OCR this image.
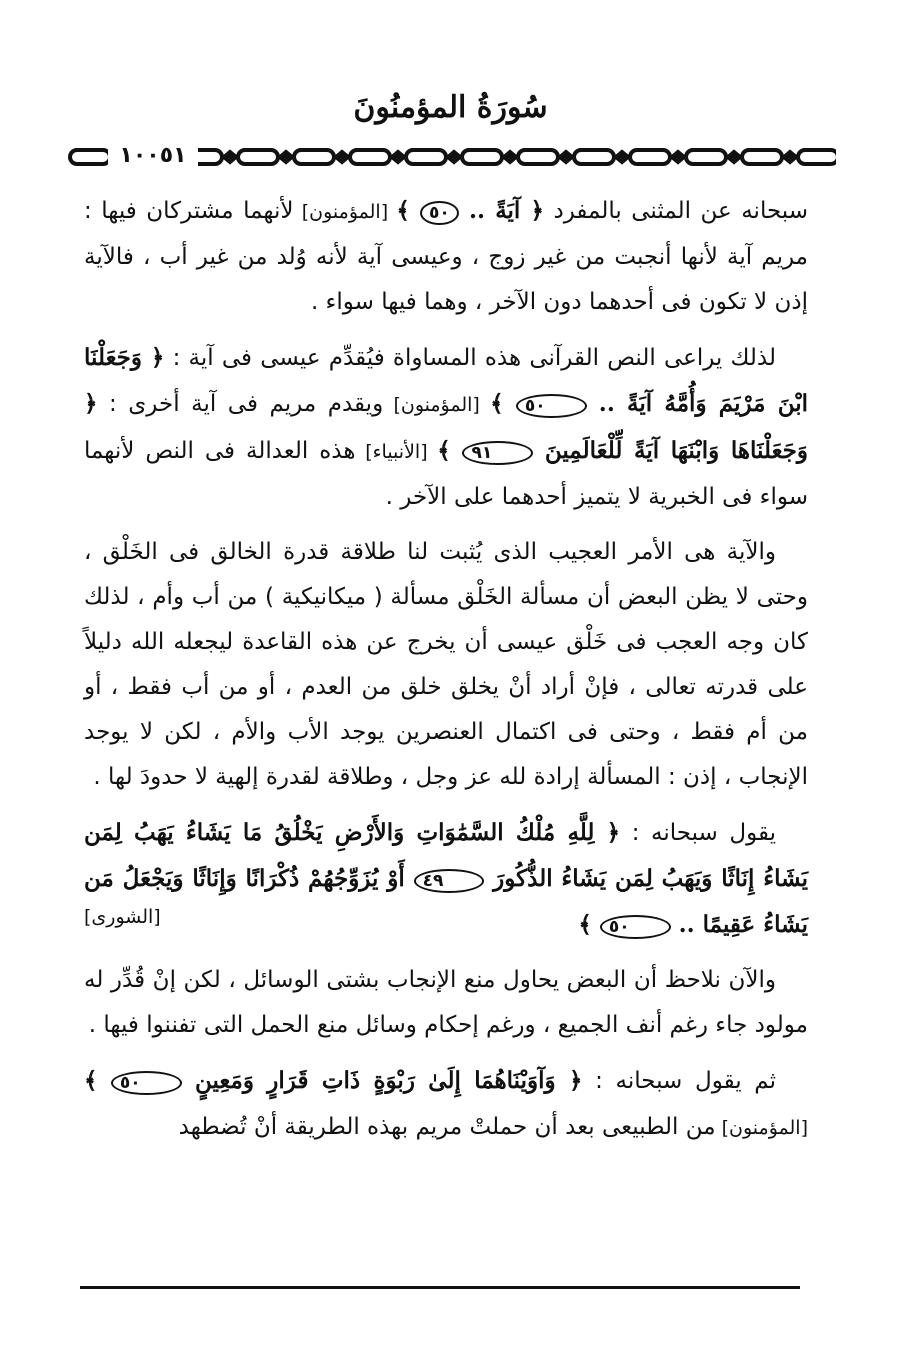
سُورَةُ المؤمنُونَ
١٠٠٥١

سبحانه عن المثنى بالمفرد ﴿ آيَةً .. ٥٠ ﴾ [المؤمنون] لأنهما مشتركان فيها : مريم آية لأنها أنجبت من غير زوج ، وعيسى آية لأنه وُلد من غير أب ، فالآية إذن لا تكون فى أحدهما دون الآخر ، وهما فيها سواء .

لذلك يراعى النص القرآنى هذه المساواة فيُقدِّم عيسى فى آية : ﴿ وَجَعَلْنَا ابْنَ مَرْيَمَ وَأُمَّهُ آيَةً .. ٥٠ ﴾ [المؤمنون] ويقدم مريم فى آية أخرى : ﴿ وَجَعَلْنَاهَا وَابْنَهَا آيَةً لِّلْعَالَمِينَ ٩١ ﴾ [الأنبياء] هذه العدالة فى النص لأنهما سواء فى الخبرية لا يتميز أحدهما على الآخر .

والآية هى الأمر العجيب الذى يُثبت لنا طلاقة قدرة الخالق فى الخَلْق ، وحتى لا يظن البعض أن مسألة الخَلْق مسألة ( ميكانيكية ) من أب وأم ، لذلك كان وجه العجب فى خَلْق عيسى أن يخرج عن هذه القاعدة ليجعله الله دليلاً على قدرته تعالى ، فإنْ أراد أنْ يخلق خلق من العدم ، أو من أب فقط ، أو من أم فقط ، وحتى فى اكتمال العنصرين يوجد الأب والأم ، لكن لا يوجد الإنجاب ، إذن : المسألة إرادة لله عز وجل ، وطلاقة لقدرة إلهية لا حدودَ لها .

يقول سبحانه : ﴿ لِلَّهِ مُلْكُ السَّمَٰوَاتِ وَالأَرْضِ يَخْلُقُ مَا يَشَاءُ يَهَبُ لِمَن يَشَاءُ إِنَاثًا وَيَهَبُ لِمَن يَشَاءُ الذُّكُورَ ٤٩ أَوْ يُزَوِّجُهُمْ ذُكْرَانًا وَإِنَاثًا وَيَجْعَلُ مَن يَشَاءُ عَقِيمًا .. ٥٠ ﴾
[الشورى]

والآن نلاحظ أن البعض يحاول منع الإنجاب بشتى الوسائل ، لكن إنْ قُدِّر له مولود جاء رغم أنف الجميع ، ورغم إحكام وسائل منع الحمل التى تفننوا فيها .

ثم يقول سبحانه : ﴿ وَآوَيْنَاهُمَا إِلَىٰ رَبْوَةٍ ذَاتِ قَرَارٍ وَمَعِينٍ ٥٠ ﴾ [المؤمنون] من الطبيعى بعد أن حملتْ مريم بهذه الطريقة أنْ تُضطهد
